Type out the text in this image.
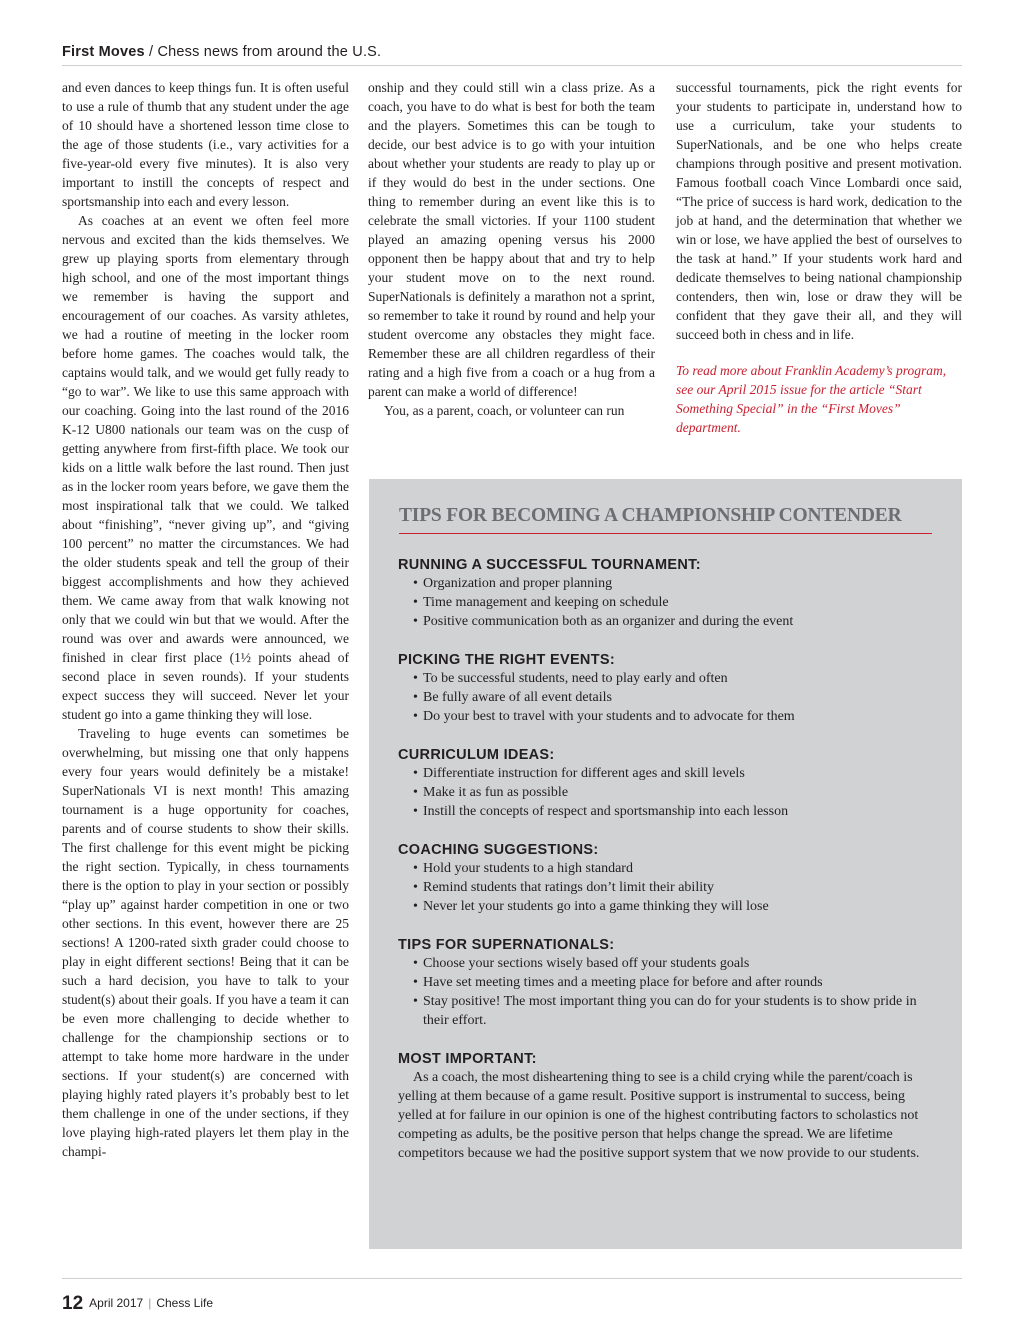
First Moves / Chess news from around the U.S.

and even dances to keep things fun. It is often useful to use a rule of thumb that any student under the age of 10 should have a shortened lesson time close to the age of those students (i.e., vary activities for a five-year-old every five minutes). It is also very important to instill the concepts of respect and sportsmanship into each and every lesson.

As coaches at an event we often feel more nervous and excited than the kids themselves. We grew up playing sports from elementary through high school, and one of the most important things we remember is having the support and encouragement of our coaches. As varsity athletes, we had a routine of meeting in the locker room before home games. The coaches would talk, the captains would talk, and we would get fully ready to “go to war”. We like to use this same approach with our coaching. Going into the last round of the 2016 K-12 U800 nationals our team was on the cusp of getting anywhere from first-fifth place. We took our kids on a little walk before the last round. Then just as in the locker room years before, we gave them the most inspirational talk that we could. We talked about “finishing”, “never giving up”, and “giving 100 percent” no matter the circumstances. We had the older students speak and tell the group of their biggest accomplishments and how they achieved them. We came away from that walk knowing not only that we could win but that we would. After the round was over and awards were announced, we finished in clear first place (1½ points ahead of second place in seven rounds). If your students expect success they will succeed. Never let your student go into a game thinking they will lose.

Traveling to huge events can sometimes be overwhelming, but missing one that only happens every four years would definitely be a mistake! SuperNationals VI is next month! This amazing tournament is a huge opportunity for coaches, parents and of course students to show their skills. The first challenge for this event might be picking the right section. Typically, in chess tournaments there is the option to play in your section or possibly “play up” against harder competition in one or two other sections. In this event, however there are 25 sections! A 1200-rated sixth grader could choose to play in eight different sections! Being that it can be such a hard decision, you have to talk to your student(s) about their goals. If you have a team it can be even more challenging to decide whether to challenge for the championship sections or to attempt to take home more hardware in the under sections. If your student(s) are concerned with playing highly rated players it’s probably best to let them challenge in one of the under sections, if they love playing high-rated players let them play in the champi-

onship and they could still win a class prize. As a coach, you have to do what is best for both the team and the players. Sometimes this can be tough to decide, our best advice is to go with your intuition about whether your students are ready to play up or if they would do best in the under sections. One thing to remember during an event like this is to celebrate the small victories. If your 1100 student played an amazing opening versus his 2000 opponent then be happy about that and try to help your student move on to the next round. SuperNationals is definitely a marathon not a sprint, so remember to take it round by round and help your student overcome any obstacles they might face. Remember these are all children regardless of their rating and a high five from a coach or a hug from a parent can make a world of difference!

You, as a parent, coach, or volunteer can run

successful tournaments, pick the right events for your students to participate in, understand how to use a curriculum, take your students to SuperNationals, and be one who helps create champions through positive and present motivation. Famous football coach Vince Lombardi once said, “The price of success is hard work, dedication to the job at hand, and the determination that whether we win or lose, we have applied the best of ourselves to the task at hand.” If your students work hard and dedicate themselves to being national championship contenders, then win, lose or draw they will be confident that they gave their all, and they will succeed both in chess and in life.

To read more about Franklin Academy’s program, see our April 2015 issue for the article “Start Something Special” in the “First Moves” department.

TIPS FOR BECOMING A CHAMPIONSHIP CONTENDER
RUNNING A SUCCESSFUL TOURNAMENT:
• Organization and proper planning
• Time management and keeping on schedule
• Positive communication both as an organizer and during the event
PICKING THE RIGHT EVENTS:
• To be successful students, need to play early and often
• Be fully aware of all event details
• Do your best to travel with your students and to advocate for them
CURRICULUM IDEAS:
• Differentiate instruction for different ages and skill levels
• Make it as fun as possible
• Instill the concepts of respect and sportsmanship into each lesson
COACHING SUGGESTIONS:
• Hold your students to a high standard
• Remind students that ratings don’t limit their ability
• Never let your students go into a game thinking they will lose
TIPS FOR SUPERNATIONALS:
• Choose your sections wisely based off your students goals
• Have set meeting times and a meeting place for before and after rounds
• Stay positive! The most important thing you can do for your students is to show pride in their effort.
MOST IMPORTANT:
As a coach, the most disheartening thing to see is a child crying while the parent/coach is yelling at them because of a game result. Positive support is instrumental to success, being yelled at for failure in our opinion is one of the highest contributing factors to scholastics not competing as adults, be the positive person that helps change the spread. We are lifetime competitors because we had the positive support system that we now provide to our students.
12 April 2017 | Chess Life
